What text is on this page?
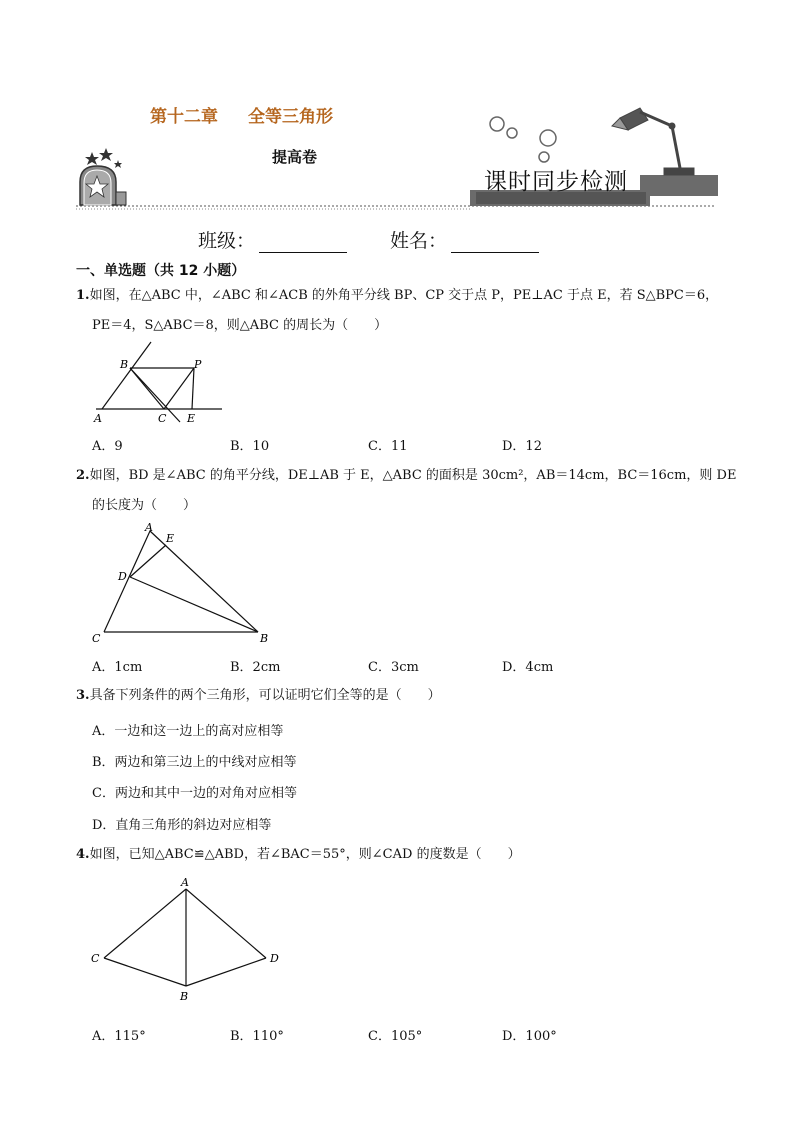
第十二章 全等三角形
提高卷
课时同步检测
班级：	姓名：
一、单选题（共 12 小题）
1.如图，在△ABC 中，∠ABC 和∠ACB 的外角平分线 BP、CP 交于点 P，PE⊥AC 于点 E，若 S△BPC＝6，
PE＝4，S△ABC＝8，则△ABC 的周长为（　　）
B	P
A	C E
A．9	B．10	C．11	D．12
2.如图，BD 是∠ABC 的角平分线，DE⊥AB 于 E，△ABC 的面积是 30cm²，AB＝14cm，BC＝16cm，则 DE
的长度为（　　）
A
E
D
C	B
A．1cm	B．2cm	C．3cm	D．4cm
3.具备下列条件的两个三角形，可以证明它们全等的是（　　）
A．一边和这一边上的高对应相等
B．两边和第三边上的中线对应相等
C．两边和其中一边的对角对应相等
D．直角三角形的斜边对应相等
4.如图，已知△ABC≌△ABD，若∠BAC＝55°，则∠CAD 的度数是（　　）
A
C	D
B
A．115°	B．110°	C．105°	D．100°
